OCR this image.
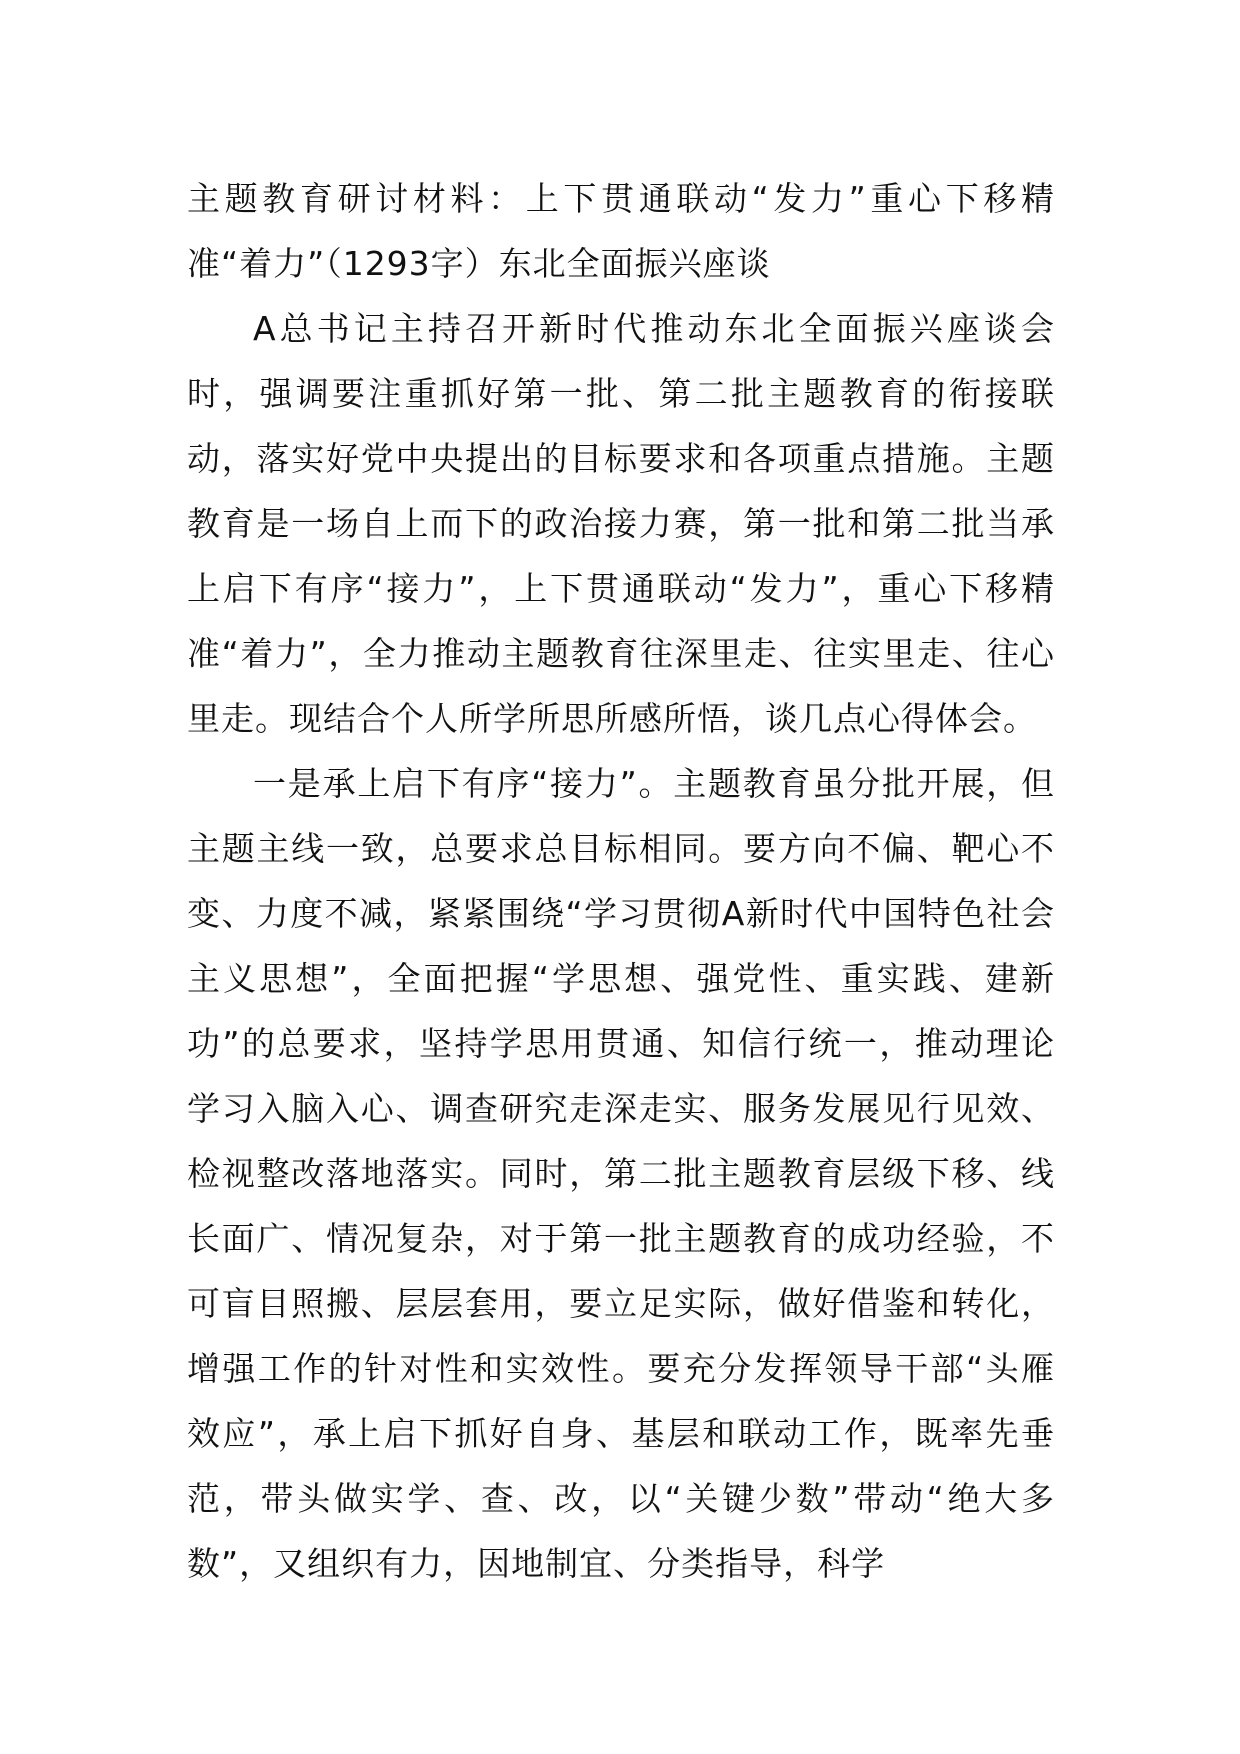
主题教育研讨材料：上下贯通联动“发力”重心下移精准“着力”（1293字）东北全面振兴座谈

A总书记主持召开新时代推动东北全面振兴座谈会时，强调要注重抓好第一批、第二批主题教育的衔接联动，落实好党中央提出的目标要求和各项重点措施。主题教育是一场自上而下的政治接力赛，第一批和第二批当承上启下有序“接力”，上下贯通联动“发力”，重心下移精准“着力”，全力推动主题教育往深里走、往实里走、往心里走。现结合个人所学所思所感所悟，谈几点心得体会。

一是承上启下有序“接力”。主题教育虽分批开展，但主题主线一致，总要求总目标相同。要方向不偏、靶心不变、力度不减，紧紧围绕“学习贯彻A新时代中国特色社会主义思想”，全面把握“学思想、强党性、重实践、建新功”的总要求，坚持学思用贯通、知信行统一，推动理论学习入脑入心、调查研究走深走实、服务发展见行见效、检视整改落地落实。同时，第二批主题教育层级下移、线长面广、情况复杂，对于第一批主题教育的成功经验，不可盲目照搬、层层套用，要立足实际，做好借鉴和转化，增强工作的针对性和实效性。要充分发挥领导干部“头雁效应”，承上启下抓好自身、基层和联动工作，既率先垂范，带头做实学、查、改，以“关键少数”带动“绝大多数”，又组织有力，因地制宜、分类指导，科学
